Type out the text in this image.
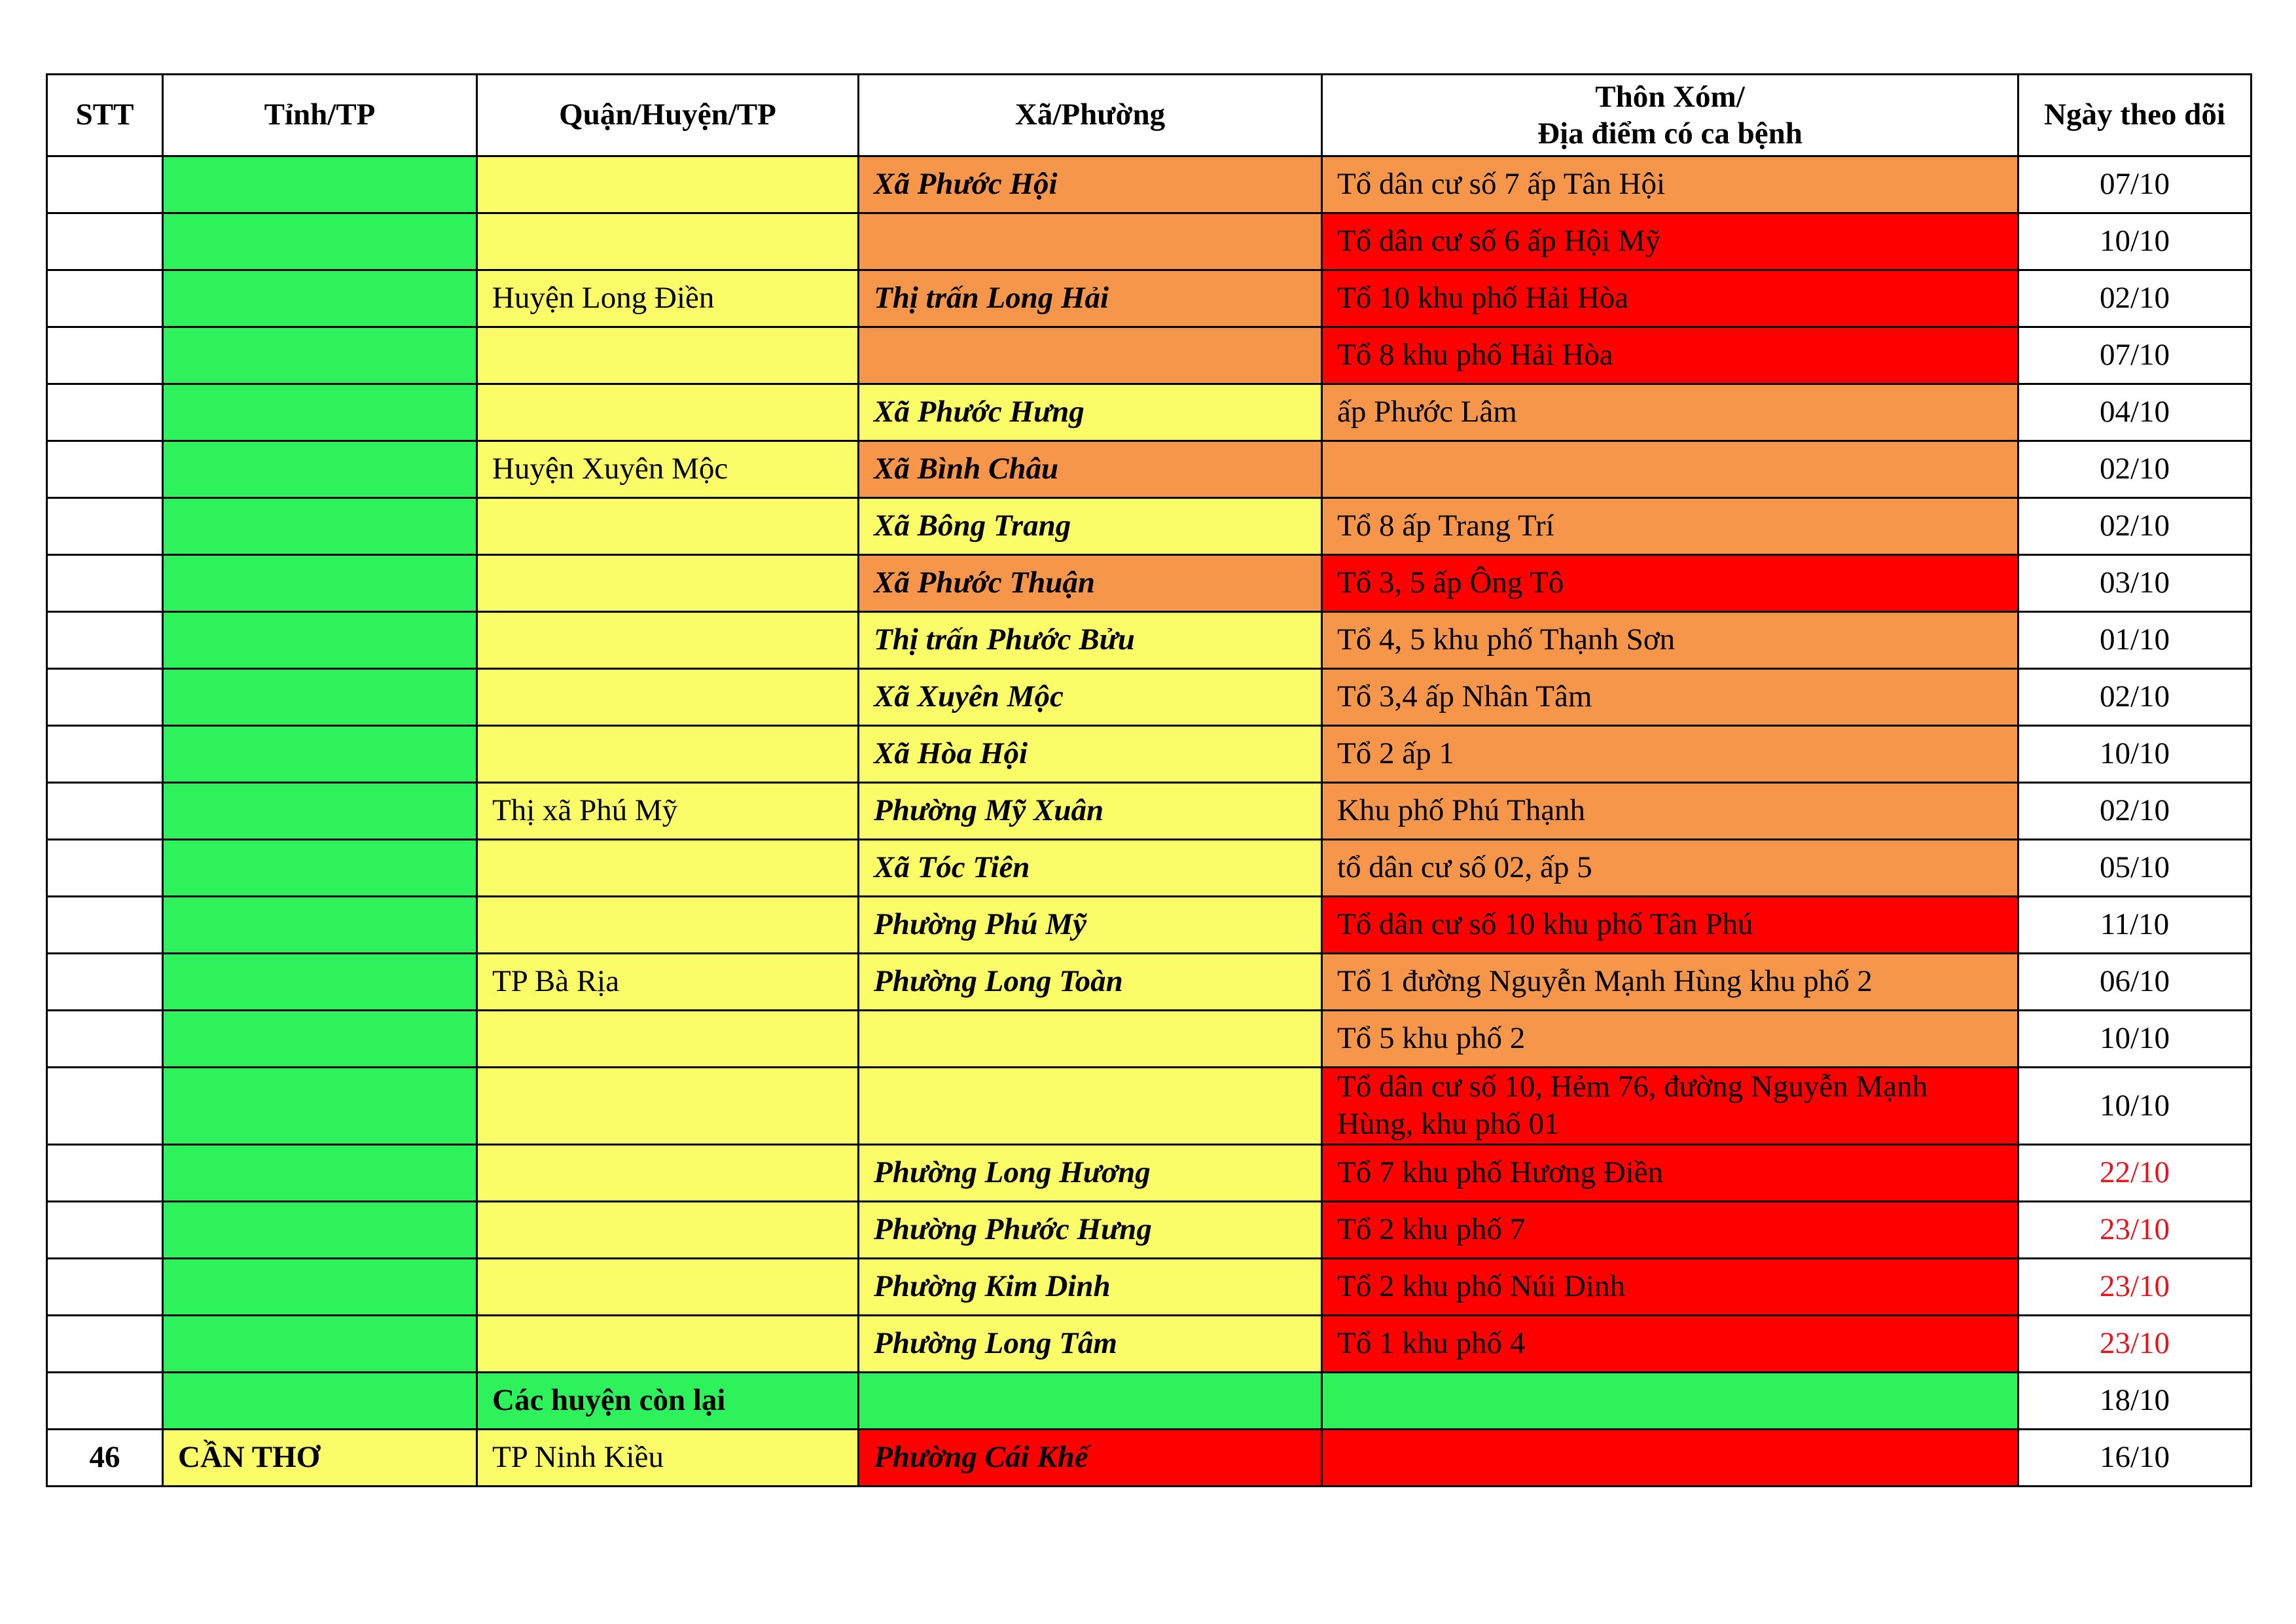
STT	Tỉnh/TP	Quận/Huyện/TP	Xã/Phường	Thôn Xóm/
Địa điểm có ca bệnh	Ngày theo dõi
			Xã Phước Hội	Tổ dân cư số 7 ấp Tân Hội	07/10
				Tổ dân cư số 6 ấp Hội Mỹ	10/10
		Huyện Long Điền	Thị trấn Long Hải	Tổ 10 khu phố Hải Hòa	02/10
				Tổ 8 khu phố Hải Hòa	07/10
			Xã Phước Hưng	ấp Phước Lâm	04/10
		Huyện Xuyên Mộc	Xã Bình Châu		02/10
			Xã Bông Trang	Tổ 8 ấp Trang Trí	02/10
			Xã Phước Thuận	Tổ 3, 5 ấp Ông Tô	03/10
			Thị trấn Phước Bửu	Tổ 4, 5 khu phố Thạnh Sơn	01/10
			Xã Xuyên Mộc	Tổ 3,4 ấp Nhân Tâm	02/10
			Xã Hòa Hội	Tổ 2 ấp 1	10/10
		Thị xã Phú Mỹ	Phường Mỹ Xuân	Khu phố Phú Thạnh	02/10
			Xã Tóc Tiên	tổ dân cư số 02, ấp 5	05/10
			Phường Phú Mỹ	Tổ dân cư số 10 khu phố Tân Phú	11/10
		TP Bà Rịa	Phường Long Toàn	Tổ 1 đường Nguyễn Mạnh Hùng khu phố 2	06/10
				Tổ 5 khu phố 2	10/10
				Tổ dân cư số 10, Hẻm 76, đường Nguyễn Mạnh Hùng, khu phố 01	10/10
			Phường Long Hương	Tổ 7 khu phố Hương Điền	22/10
			Phường Phước Hưng	Tổ 2 khu phố 7	23/10
			Phường Kim Dinh	Tổ 2 khu phố Núi Dinh	23/10
			Phường Long Tâm	Tổ 1 khu phố 4	23/10
		Các huyện còn lại			18/10
46	CẦN THƠ	TP Ninh Kiều	Phường Cái Khế		16/10
